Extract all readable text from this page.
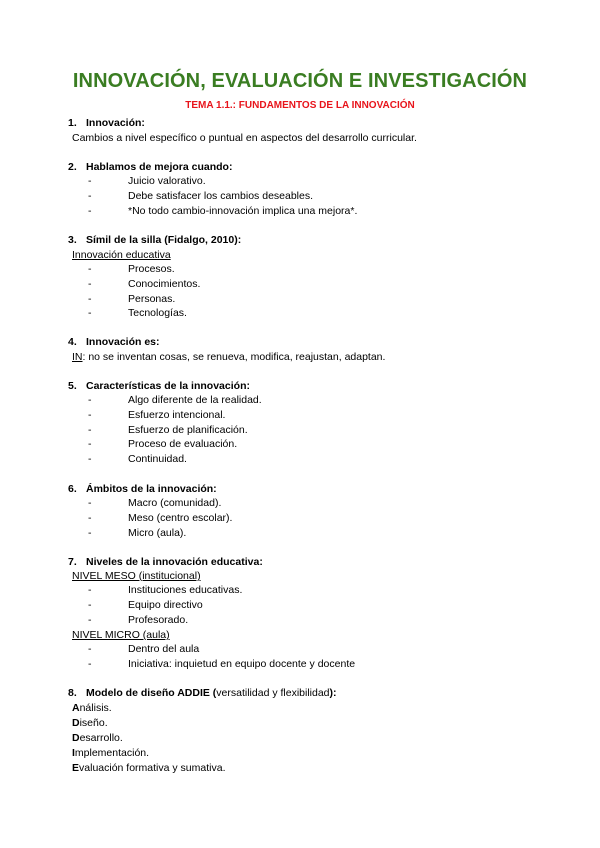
INNOVACIÓN, EVALUACIÓN E INVESTIGACIÓN
TEMA 1.1.: FUNDAMENTOS DE LA INNOVACIÓN
1. Innovación:
Cambios a nivel específico o puntual en aspectos del desarrollo curricular.
2. Hablamos de mejora cuando:
- Juicio valorativo.
- Debe satisfacer los cambios deseables.
- *No todo cambio-innovación implica una mejora*.
3. Símil de la silla (Fidalgo, 2010):
Innovación educativa
- Procesos.
- Conocimientos.
- Personas.
- Tecnologías.
4. Innovación es:
IN: no se inventan cosas, se renueva, modifica, reajustan, adaptan.
5. Características de la innovación:
- Algo diferente de la realidad.
- Esfuerzo intencional.
- Esfuerzo de planificación.
- Proceso de evaluación.
- Continuidad.
6. Ámbitos de la innovación:
- Macro (comunidad).
- Meso (centro escolar).
- Micro (aula).
7. Niveles de la innovación educativa:
NIVEL MESO (institucional)
- Instituciones educativas.
- Equipo directivo
- Profesorado.
NIVEL MICRO (aula)
- Dentro del aula
- Iniciativa: inquietud en equipo docente y docente
8. Modelo de diseño ADDIE (versatilidad y flexibilidad):
Análisis.
Diseño.
Desarrollo.
Implementación.
Evaluación formativa y sumativa.
